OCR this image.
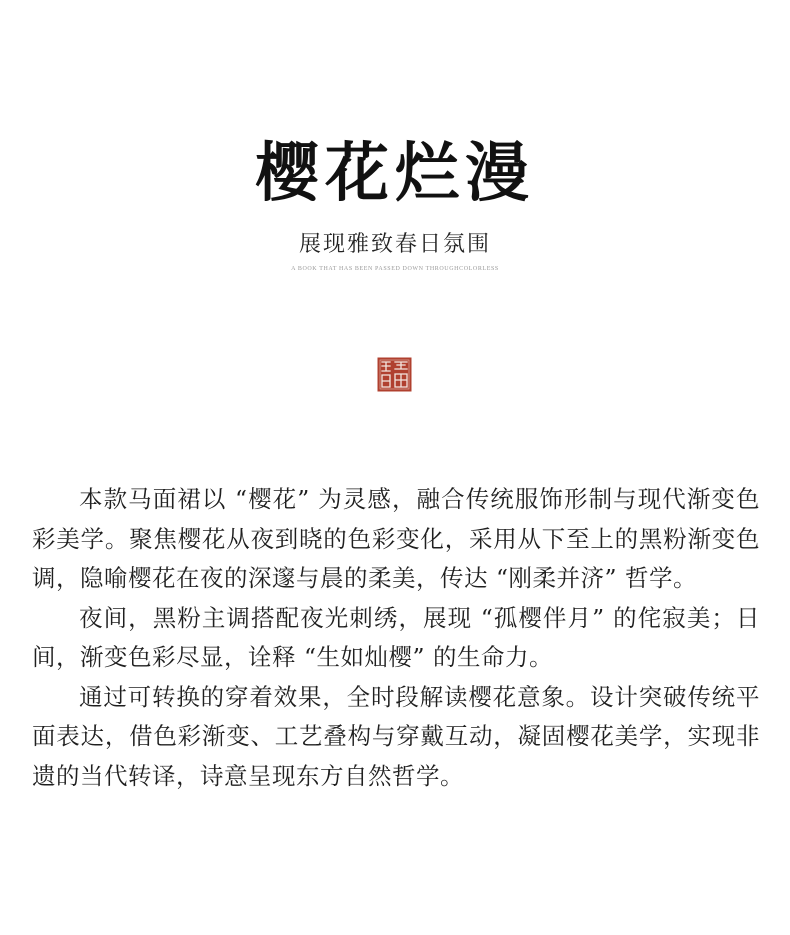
樱花烂漫
展现雅致春日氛围
A BOOK THAT HAS BEEN PASSED DOWN THROUGHCOLORLESS

本款马面裙以 “樱花” 为灵感，融合传统服饰形制与现代渐变色彩美学。聚焦樱花从夜到晓的色彩变化，采用从下至上的黑粉渐变色调，隐喻樱花在夜的深邃与晨的柔美，传达 “刚柔并济” 哲学。

夜间，黑粉主调搭配夜光刺绣，展现 “孤樱伴月” 的侘寂美；日间，渐变色彩尽显，诠释 “生如灿樱” 的生命力。

通过可转换的穿着效果，全时段解读樱花意象。设计突破传统平面表达，借色彩渐变、工艺叠构与穿戴互动，凝固樱花美学，实现非遗的当代转译，诗意呈现东方自然哲学。
